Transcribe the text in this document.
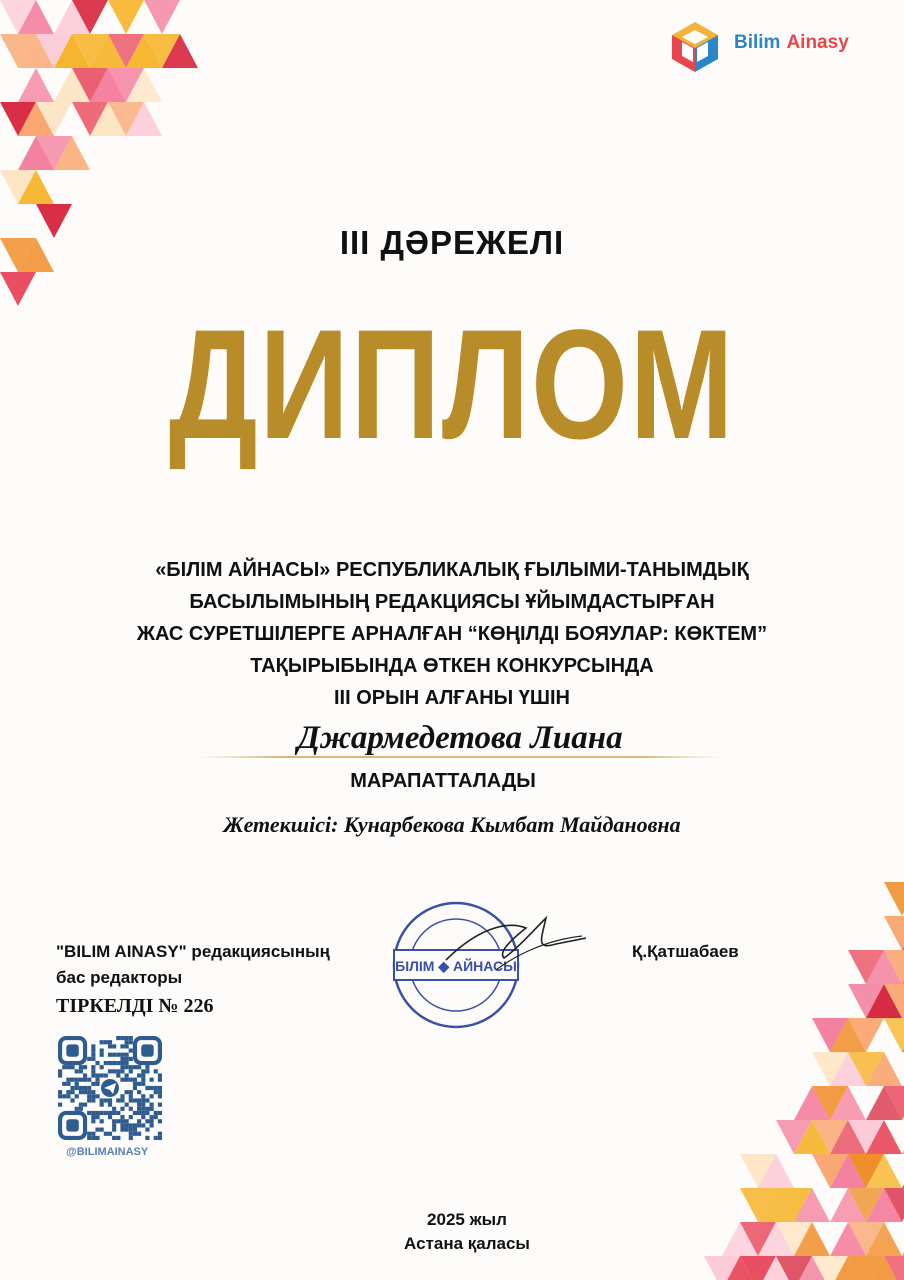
Bilim Ainasy
III ДӘРЕЖЕЛІ
ДИПЛОМ
«БІЛІМ АЙНАСЫ» РЕСПУБЛИКАЛЫҚ ҒЫЛЫМИ-ТАНЫМДЫҚ
БАСЫЛЫМЫНЫҢ РЕДАКЦИЯСЫ ҰЙЫМДАСТЫРҒАН
ЖАС СУРЕТШІЛЕРГЕ АРНАЛҒАН “КӨҢІЛДІ БОЯУЛАР: КӨКТЕМ”
ТАҚЫРЫБЫНДА ӨТКЕН КОНКУРСЫНДА
III ОРЫН АЛҒАНЫ ҮШІН
Джармедетова Лиана
МАРАПАТТАЛАДЫ
Жетекшісі: Кунарбекова Кымбат Майдановна
"BILIM AINASY" редакциясының
бас редакторы
ТІРКЕЛДІ № 226
Қ.Қатшабаев
БІЛІМ ◆ АЙНАСЫ
@BILIMAINASY
2025 жыл
Астана қаласы
